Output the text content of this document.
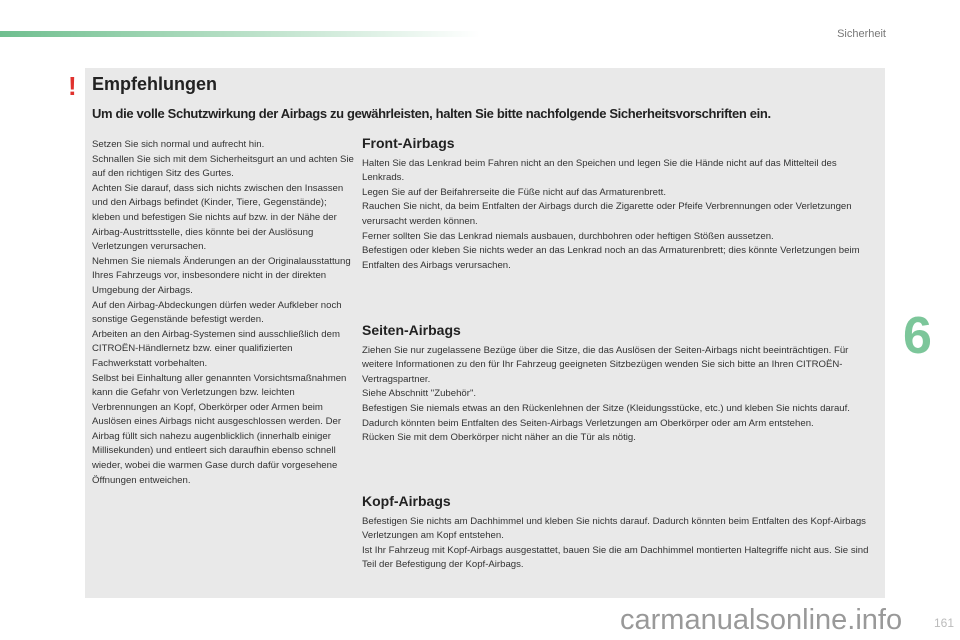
Sicherheit
! Empfehlungen
Um die volle Schutzwirkung der Airbags zu gewährleisten, halten Sie bitte nachfolgende Sicherheitsvorschriften ein.

Setzen Sie sich normal und aufrecht hin.

Schnallen Sie sich mit dem Sicherheitsgurt an und achten Sie auf den richtigen Sitz des Gurtes.

Achten Sie darauf, dass sich nichts zwischen den Insassen und den Airbags befindet (Kinder, Tiere, Gegenstände); kleben und befestigen Sie nichts auf bzw. in der Nähe der Airbag-Austrittsstelle, dies könnte bei der Auslösung Verletzungen verursachen.

Nehmen Sie niemals Änderungen an der Originalausstattung Ihres Fahrzeugs vor, insbesondere nicht in der direkten Umgebung der Airbags.

Auf den Airbag-Abdeckungen dürfen weder Aufkleber noch sonstige Gegenstände befestigt werden.

Arbeiten an den Airbag-Systemen sind ausschließlich dem CITROËN-Händlernetz bzw. einer qualifizierten Fachwerkstatt vorbehalten.

Selbst bei Einhaltung aller genannten Vorsichtsmaßnahmen kann die Gefahr von Verletzungen bzw. leichten Verbrennungen an Kopf, Oberkörper oder Armen beim Auslösen eines Airbags nicht ausgeschlossen werden. Der Airbag füllt sich nahezu augenblicklich (innerhalb einiger Millisekunden) und entleert sich daraufhin ebenso schnell wieder, wobei die warmen Gase durch dafür vorgesehene Öffnungen entweichen.

Front-Airbags

Halten Sie das Lenkrad beim Fahren nicht an den Speichen und legen Sie die Hände nicht auf das Mittelteil des Lenkrads.

Legen Sie auf der Beifahrerseite die Füße nicht auf das Armaturenbrett.

Rauchen Sie nicht, da beim Entfalten der Airbags durch die Zigarette oder Pfeife Verbrennungen oder Verletzungen verursacht werden können.

Ferner sollten Sie das Lenkrad niemals ausbauen, durchbohren oder heftigen Stößen aussetzen.

Befestigen oder kleben Sie nichts weder an das Lenkrad noch an das Armaturenbrett; dies könnte Verletzungen beim Entfalten des Airbags verursachen.

Seiten-Airbags

Ziehen Sie nur zugelassene Bezüge über die Sitze, die das Auslösen der Seiten-Airbags nicht beeinträchtigen. Für weitere Informationen zu den für Ihr Fahrzeug geeigneten Sitzbezügen wenden Sie sich bitte an Ihren CITROËN-Vertragspartner.

Siehe Abschnitt "Zubehör".

Befestigen Sie niemals etwas an den Rückenlehnen der Sitze (Kleidungsstücke, etc.) und kleben Sie nichts darauf. Dadurch könnten beim Entfalten des Seiten-Airbags Verletzungen am Oberkörper oder am Arm entstehen.

Rücken Sie mit dem Oberkörper nicht näher an die Tür als nötig.

Kopf-Airbags

Befestigen Sie nichts am Dachhimmel und kleben Sie nichts darauf. Dadurch könnten beim Entfalten des Kopf-Airbags Verletzungen am Kopf entstehen.

Ist Ihr Fahrzeug mit Kopf-Airbags ausgestattet, bauen Sie die am Dachhimmel montierten Haltegriffe nicht aus. Sie sind Teil der Befestigung der Kopf-Airbags.

6
carmanualsonline.info	161
